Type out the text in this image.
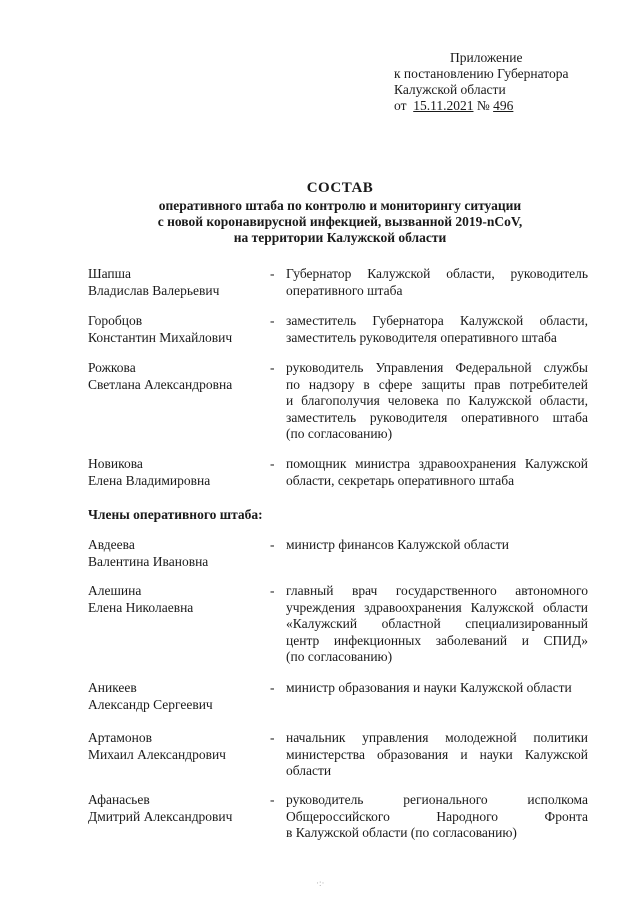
Приложение
к постановлению Губернатора
Калужской области
от 15.11.2021 № 496
СОСТАВ
оперативного штаба по контролю и мониторингу ситуации
с новой коронавирусной инфекцией, вызванной 2019-nCoV,
на территории Калужской области
Шапша
Владислав Валерьевич
- Губернатор Калужской области, руководитель
оперативного штаба
Горобцов
Константин Михайлович
- заместитель Губернатора Калужской области,
заместитель руководителя оперативного штаба
Рожкова
Светлана Александровна
- руководитель Управления Федеральной службы
по надзору в сфере защиты прав потребителей
и благополучия человека по Калужской области,
заместитель руководителя оперативного штаба
(по согласованию)
Новикова
Елена Владимировна
- помощник министра здравоохранения Калужской
области, секретарь оперативного штаба
Члены оперативного штаба:
Авдеева
Валентина Ивановна
- министр финансов Калужской области
Алешина
Елена Николаевна
- главный врач государственного автономного
учреждения здравоохранения Калужской области
«Калужский областной специализированный
центр инфекционных заболеваний и СПИД»
(по согласованию)
Аникеев
Александр Сергеевич
- министр образования и науки Калужской области
Артамонов
Михаил Александрович
- начальник управления молодежной политики
министерства образования и науки Калужской
области
Афанасьев
Дмитрий Александрович
- руководитель регионального исполкома
Общероссийского Народного Фронта
в Калужской области (по согласованию)
·:·
